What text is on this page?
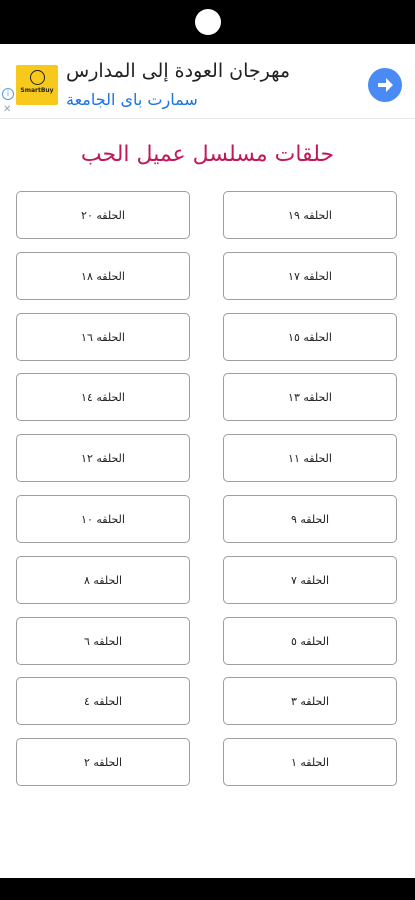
i
✕
SmartBuy
مهرجان العودة إلى المدارس
سمارت باى الجامعة
حلقات مسلسل عميل الحب
الحلقه ١٩
الحلقه ٢٠
الحلقه ١٧
الحلقه ١٨
الحلقه ١٥
الحلقه ١٦
الحلقه ١٣
الحلقه ١٤
الحلقه ١١
الحلقه ١٢
الحلقه ٩
الحلقه ١٠
الحلقه ٧
الحلقه ٨
الحلقه ٥
الحلقه ٦
الحلقه ٣
الحلقه ٤
الحلقه ١
الحلقه ٢
